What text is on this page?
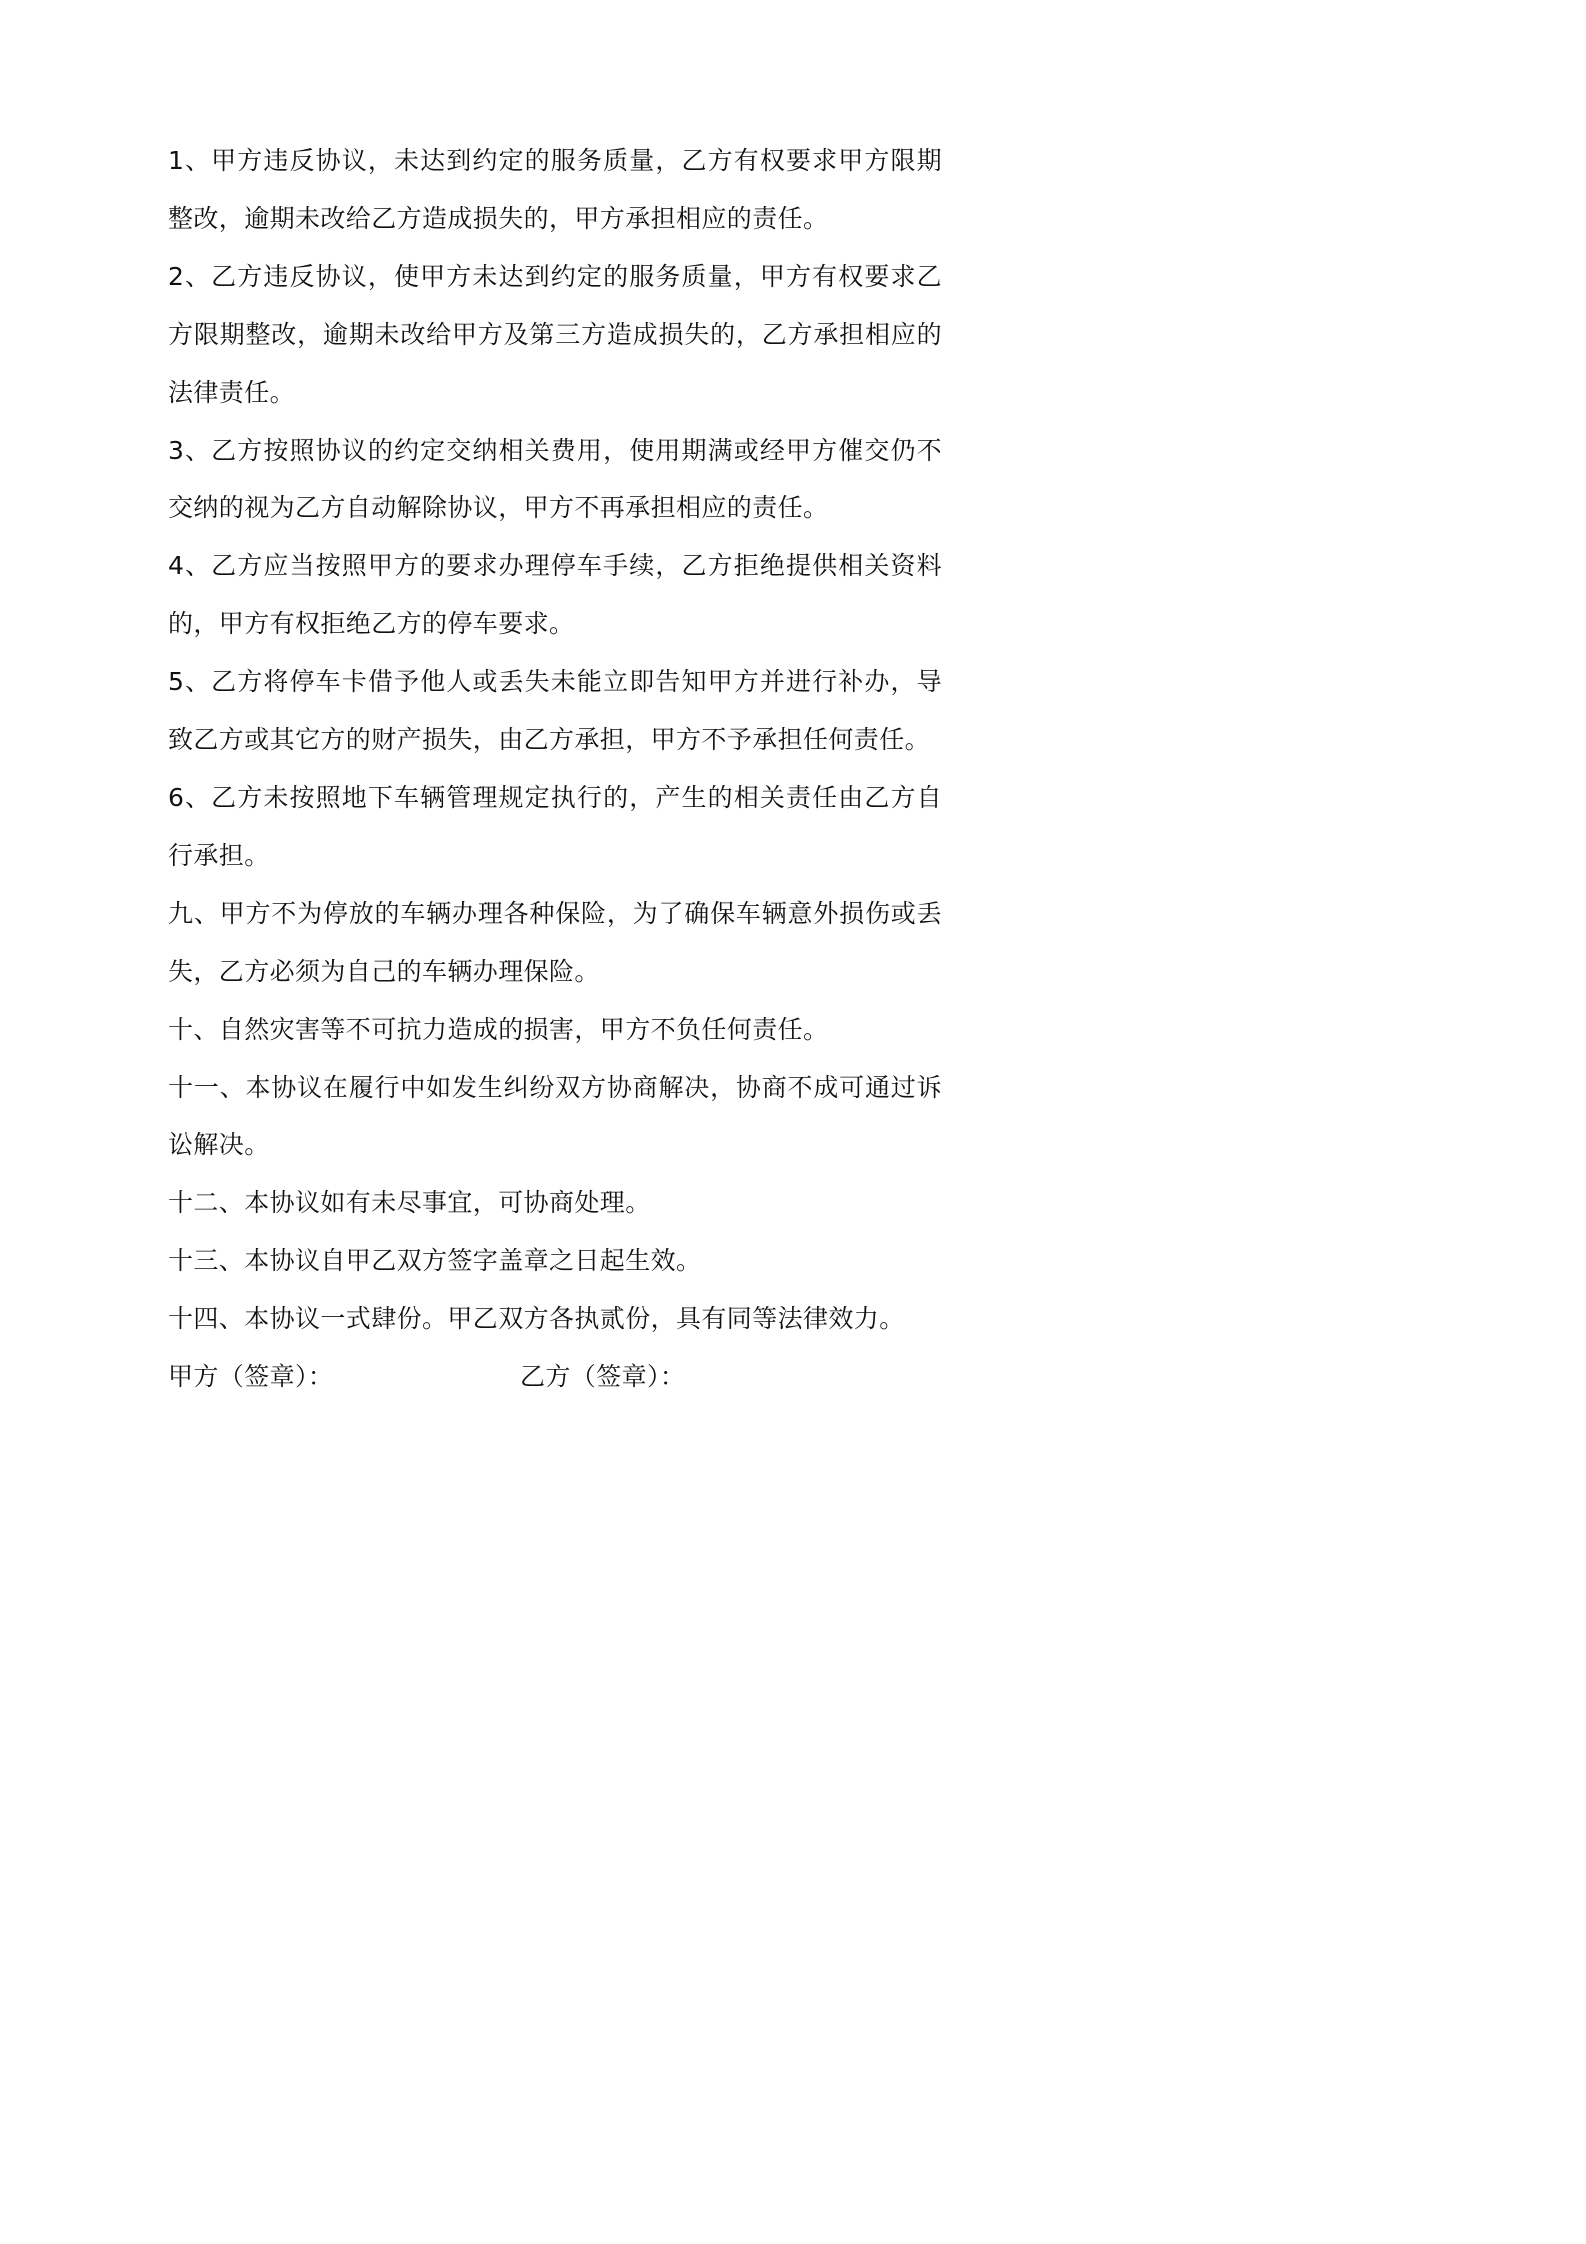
1、甲方违反协议，未达到约定的服务质量，乙方有权要求甲方限期整改，逾期未改给乙方造成损失的，甲方承担相应的责任。

2、乙方违反协议，使甲方未达到约定的服务质量，甲方有权要求乙方限期整改，逾期未改给甲方及第三方造成损失的，乙方承担相应的法律责任。

3、乙方按照协议的约定交纳相关费用，使用期满或经甲方催交仍不交纳的视为乙方自动解除协议，甲方不再承担相应的责任。

4、乙方应当按照甲方的要求办理停车手续，乙方拒绝提供相关资料的，甲方有权拒绝乙方的停车要求。

5、乙方将停车卡借予他人或丢失未能立即告知甲方并进行补办，导致乙方或其它方的财产损失，由乙方承担，甲方不予承担任何责任。

6、乙方未按照地下车辆管理规定执行的，产生的相关责任由乙方自行承担。

九、甲方不为停放的车辆办理各种保险，为了确保车辆意外损伤或丢失，乙方必须为自己的车辆办理保险。

十、自然灾害等不可抗力造成的损害，甲方不负任何责任。

十一、本协议在履行中如发生纠纷双方协商解决，协商不成可通过诉讼解决。

十二、本协议如有未尽事宜，可协商处理。

十三、本协议自甲乙双方签字盖章之日起生效。

十四、本协议一式肆份。甲乙双方各执贰份，具有同等法律效力。

甲方（签章）：	乙方（签章）：
